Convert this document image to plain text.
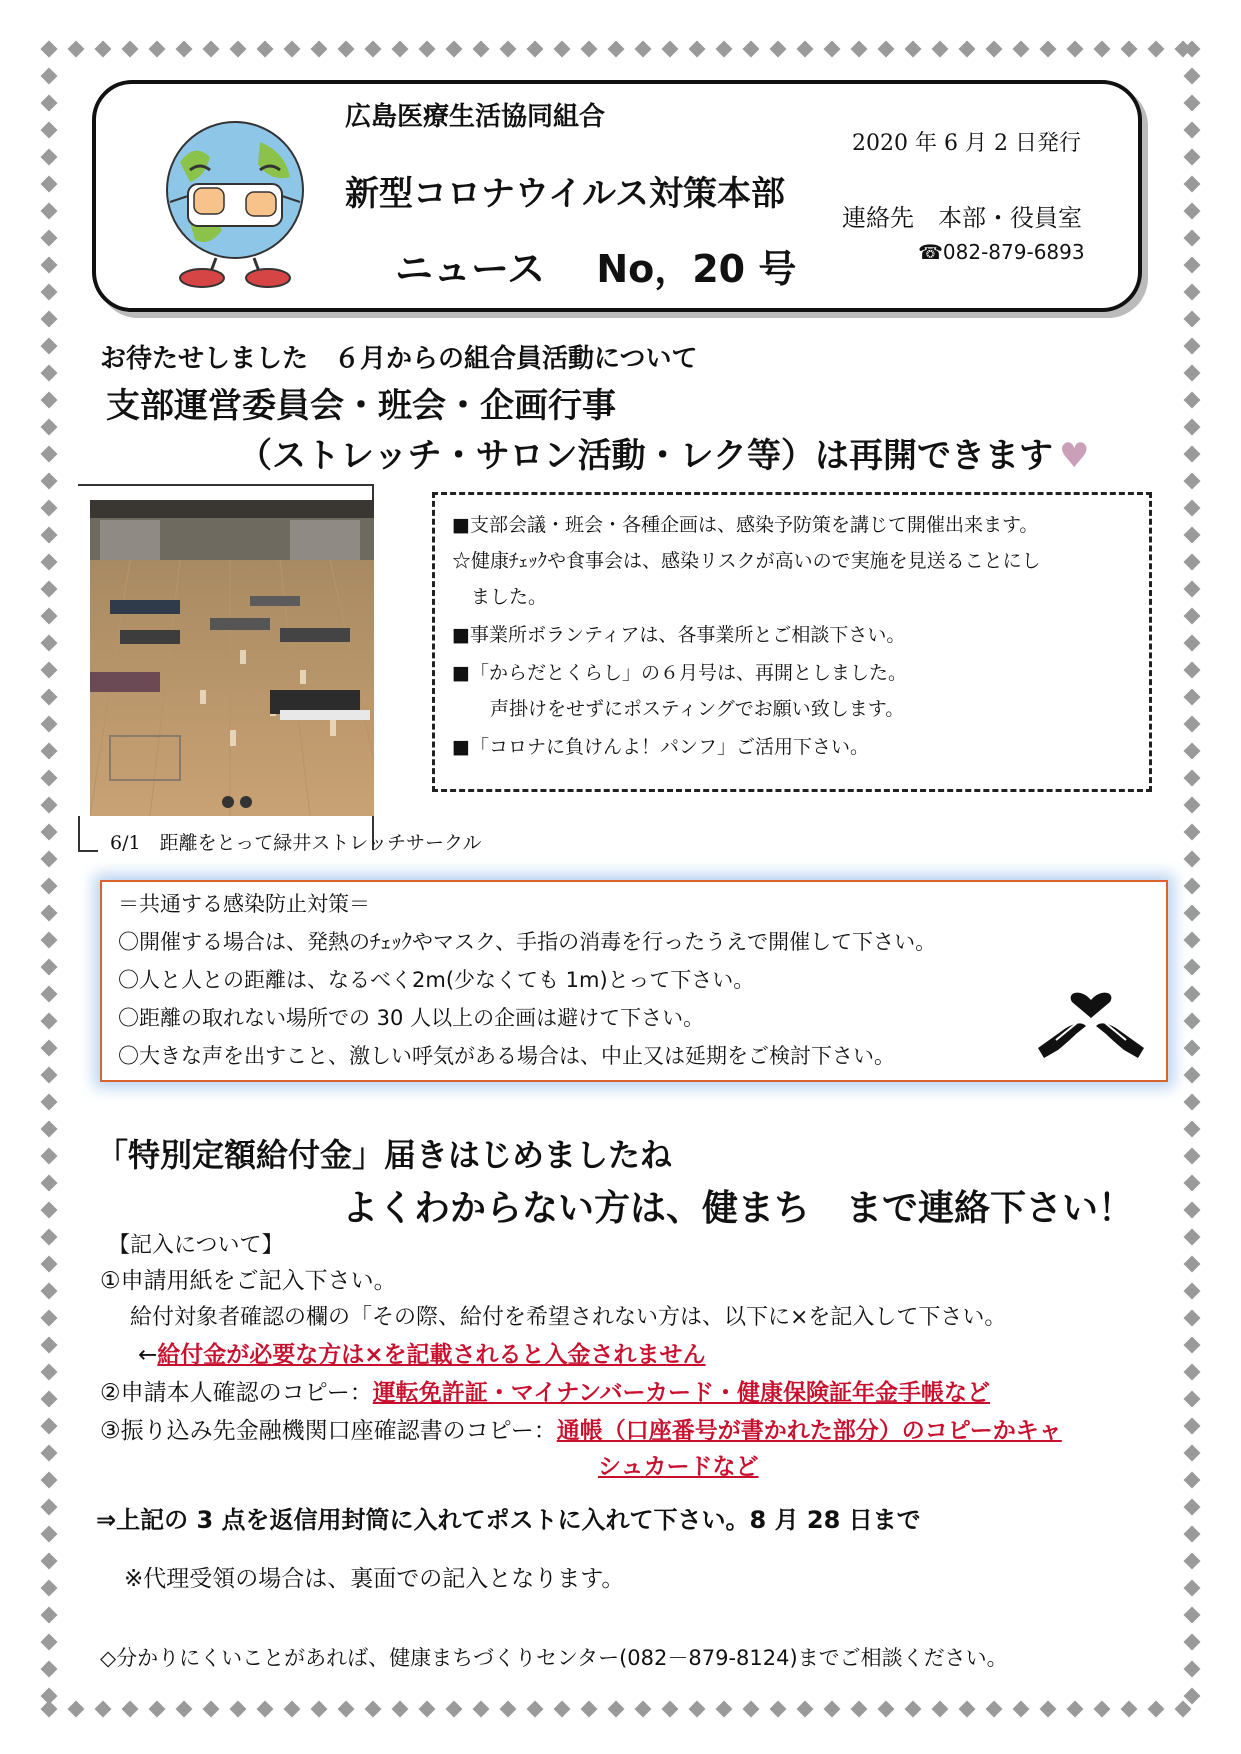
広島医療生活協同組合
2020 年 6 月 2 日発行
新型コロナウイルス対策本部
連絡先　本部・役員室
☎082-879-6893
ニュース　 No，20 号
お待たせしました　６月からの組合員活動について
支部運営委員会・班会・企画行事
（ストレッチ・サロン活動・レク等）は再開できます ♥
6/1　距離をとって緑井ストレッチサークル
■支部会議・班会・各種企画は、感染予防策を講じて開催出来ます。
☆健康ﾁｪｯｸや食事会は、感染リスクが高いので実施を見送ることにし
　ました。
■事業所ボランティアは、各事業所とご相談下さい。
■「からだとくらし」の６月号は、再開としました。
　　声掛けをせずにポスティングでお願い致します。
■「コロナに負けんよ！パンフ」ご活用下さい。
＝共通する感染防止対策＝
〇開催する場合は、発熱のﾁｪｯｸやマスク、手指の消毒を行ったうえで開催して下さい。
〇人と人との距離は、なるべく2m(少なくても 1m)とって下さい。
〇距離の取れない場所での 30 人以上の企画は避けて下さい。
〇大きな声を出すこと、激しい呼気がある場合は、中止又は延期をご検討下さい。
「特別定額給付金」届きはじめましたね
よくわからない方は、健まち　まで連絡下さい！
【記入について】
①申請用紙をご記入下さい。
給付対象者確認の欄の「その際、給付を希望されない方は、以下に×を記入して下さい。
←給付金が必要な方は×を記載されると入金されません
②申請本人確認のコピー：運転免許証・マイナンバーカード・健康保険証年金手帳など
③振り込み先金融機関口座確認書のコピー：通帳（口座番号が書かれた部分）のコピーかキャ
シュカードなど
⇒上記の 3 点を返信用封筒に入れてポストに入れて下さい。8 月 28 日まで
※代理受領の場合は、裏面での記入となります。
◇分かりにくいことがあれば、健康まちづくりセンター(082－879-8124)までご相談ください。
